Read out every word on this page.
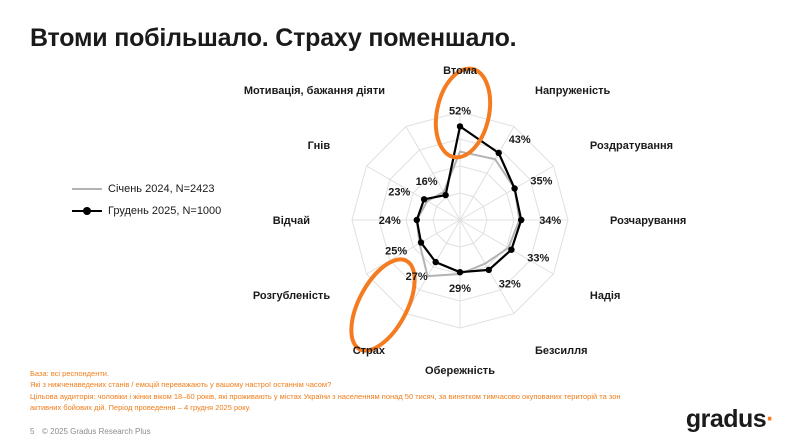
Втоми побільшало. Страху поменшало.
Січень 2024, N=2423
Грудень 2025, N=1000
Втома
Напруженість
Роздратування
Розчарування
Надія
Безсилля
Обережність
Страх
Розгубленість
Відчай
Гнів
Мотивація, бажання діяти
52%
43%
35%
34%
33%
32%
29%
27%
25%
24%
23%
16%
База: всі респонденти.
Які з нижченаведених станів / емоцій переважають у вашому настрої останнім часом?
Цільова аудиторія: чоловіки і жінки віком 18–60 років, які проживають у містах України з населенням понад 50 тисяч, за винятком тимчасово окупованих територій та зон активних бойових дій. Період проведення – 4 грудня 2025 року.
5 © 2025 Gradus Research Plus	gradus·
